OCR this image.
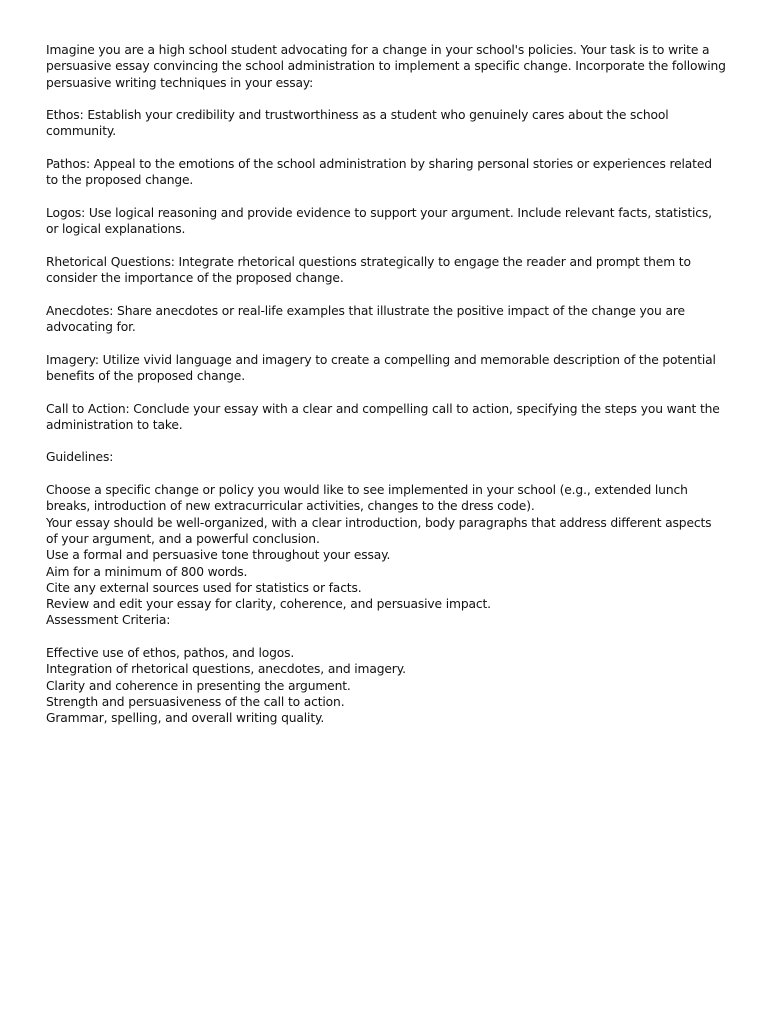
Imagine you are a high school student advocating for a change in your school's policies. Your task is to write a persuasive essay convincing the school administration to implement a specific change. Incorporate the following persuasive writing techniques in your essay:

Ethos: Establish your credibility and trustworthiness as a student who genuinely cares about the school community.

Pathos: Appeal to the emotions of the school administration by sharing personal stories or experiences related to the proposed change.

Logos: Use logical reasoning and provide evidence to support your argument. Include relevant facts, statistics, or logical explanations.

Rhetorical Questions: Integrate rhetorical questions strategically to engage the reader and prompt them to consider the importance of the proposed change.

Anecdotes: Share anecdotes or real-life examples that illustrate the positive impact of the change you are advocating for.

Imagery: Utilize vivid language and imagery to create a compelling and memorable description of the potential benefits of the proposed change.

Call to Action: Conclude your essay with a clear and compelling call to action, specifying the steps you want the administration to take.

Guidelines:

Choose a specific change or policy you would like to see implemented in your school (e.g., extended lunch breaks, introduction of new extracurricular activities, changes to the dress code).

Your essay should be well-organized, with a clear introduction, body paragraphs that address different aspects of your argument, and a powerful conclusion.

Use a formal and persuasive tone throughout your essay.

Aim for a minimum of 800 words.

Cite any external sources used for statistics or facts.

Review and edit your essay for clarity, coherence, and persuasive impact.

Assessment Criteria:

Effective use of ethos, pathos, and logos.

Integration of rhetorical questions, anecdotes, and imagery.

Clarity and coherence in presenting the argument.

Strength and persuasiveness of the call to action.

Grammar, spelling, and overall writing quality.
